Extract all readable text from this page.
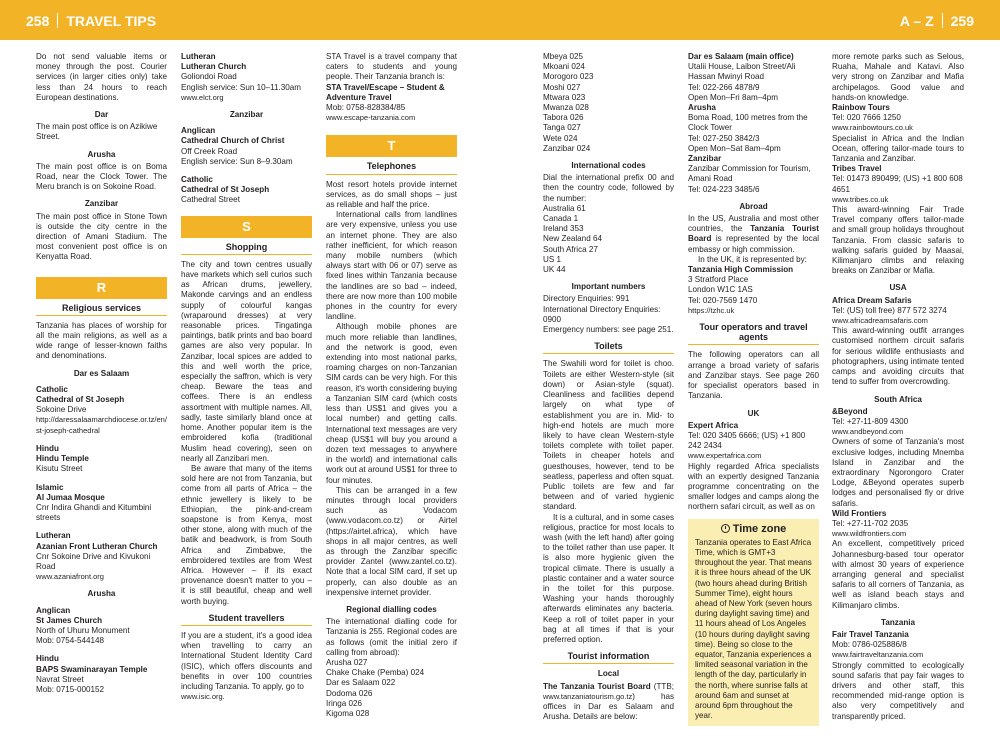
258 TRAVEL TIPS	A – Z 259

Do not send valuable items or money through the post. Courier services (in larger cities only) take less than 24 hours to reach European destinations.

Dar

The main post office is on Azikiwe Street.

Arusha

The main post office is on Boma Road, near the Clock Tower. The Meru branch is on Sokoine Road.

Zanzibar

The main post office in Stone Town is outside the city centre in the direction of Amani Stadium. The most convenient post office is on Kenyatta Road.

R

Religious services

Tanzania has places of worship for all the main religions, as well as a wide range of lesser-known faiths and denominations.

Dar es Salaam

Catholic

Cathedral of St Joseph

Sokoine Drive

http://daressalaamarchdiocese.or.tz/en/

st-joseph-cathedral

Hindu

Hindu Temple

Kisutu Street

Islamic

Al Jumaa Mosque

Cnr Indira Ghandi and Kitumbini streets

Lutheran

Azanian Front Lutheran Church

Cnr Sokoine Drive and Kivukoni Road

www.azaniafront.org

Arusha

Anglican

St James Church

North of Uhuru Monument

Mob: 0754-544148

Hindu

BAPS Swaminarayan Temple

Navrat Street

Mob: 0715-000152

Lutheran

Lutheran Church

Goliondoi Road

English service: Sun 10–11.30am

www.elct.org

Zanzibar

Anglican

Cathedral Church of Christ

Off Creek Road

English service: Sun 8–9.30am

Catholic

Cathedral of St Joseph

Cathedral Street

S

Shopping

The city and town centres usually have markets which sell curios such as African drums, jewellery, Makonde carvings and an endless supply of colourful kangas (wraparound dresses) at very reasonable prices. Tingatinga paintings, batik prints and bao board games are also very popular. In Zanzibar, local spices are added to this and well worth the price, especially the saffron, which is very cheap. Beware the teas and coffees. There is an endless assortment with multiple names. All, sadly, taste similarly bland once at home. Another popular item is the embroidered kofia (traditional Muslim head covering), seen on nearly all Zanzibari men.

Be aware that many of the items sold here are not from Tanzania, but come from all parts of Africa – the ethnic jewellery is likely to be Ethiopian, the pink-and-cream soapstone is from Kenya, most other stone, along with much of the batik and beadwork, is from South Africa and Zimbabwe, the embroidered textiles are from West Africa. However – if its exact provenance doesn't matter to you – it is still beautiful, cheap and well worth buying.

Student travellers

If you are a student, it's a good idea when travelling to carry an International Student Identity Card (ISIC), which offers discounts and benefits in over 100 countries including Tanzania. To apply, go to

www.isic.org.

STA Travel is a travel company that caters to students and young people. Their Tanzania branch is:

STA Travel/Escape – Student & Adventure Travel

Mob: 0758-828384/85

www.escape-tanzania.com

T

Telephones

Most resort hotels provide internet services, as do small shops – just as reliable and half the price.

International calls from landlines are very expensive, unless you use an internet phone. They are also rather inefficient, for which reason many mobile numbers (which always start with 06 or 07) serve as fixed lines within Tanzania because the landlines are so bad – indeed, there are now more than 100 mobile phones in the country for every landline.

Although mobile phones are much more reliable than landlines, and the network is good, even extending into most national parks, roaming charges on non-Tanzanian SIM cards can be very high. For this reason, it's worth considering buying a Tanzanian SIM card (which costs less than US$1 and gives you a local number) and getting calls. International text messages are very cheap (US$1 will buy you around a dozen text messages to anywhere in the world) and international calls work out at around US$1 for three to four minutes.

This can be arranged in a few minutes through local providers such as Vodacom (www.vodacom.co.tz) or Airtel (https://airtel.africa), which have shops in all major centres, as well as through the Zanzibar specific provider Zantel (www.zantel.co.tz). Note that a local SIM card, if set up properly, can also double as an inexpensive internet provider.

Regional dialling codes

The international dialling code for Tanzania is 255. Regional codes are as follows (omit the initial zero if calling from abroad):

Arusha 027

Chake Chake (Pemba) 024

Dar es Salaam 022

Dodoma 026

Iringa 026

Kigoma 028

Mbeya 025

Mkoani 024

Morogoro 023

Moshi 027

Mtwara 023

Mwanza 028

Tabora 026

Tanga 027

Wete 024

Zanzibar 024

International codes

Dial the international prefix 00 and then the country code, followed by the number:

Australia 61

Canada 1

Ireland 353

New Zealand 64

South Africa 27

US 1

UK 44

Important numbers

Directory Enquiries: 991

International Directory Enquiries: 0900

Emergency numbers: see page 251.

Toilets

The Swahili word for toilet is choo. Toilets are either Western-style (sit down) or Asian-style (squat). Cleanliness and facilities depend largely on what type of establishment you are in. Mid- to high-end hotels are much more likely to have clean Western-style toilets complete with toilet paper. Toilets in cheaper hotels and guesthouses, however, tend to be seatless, paperless and often squat. Public toilets are few and far between and of varied hygienic standard.

It is a cultural, and in some cases religious, practice for most locals to wash (with the left hand) after going to the toilet rather than use paper. It is also more hygienic given the tropical climate. There is usually a plastic container and a water source in the toilet for this purpose. Washing your hands thoroughly afterwards eliminates any bacteria. Keep a roll of toilet paper in your bag at all times if that is your preferred option.

Tourist information

Local

The Tanzania Tourist Board (TTB; www.tanzaniatourism.go.tz) has offices in Dar es Salaam and Arusha. Details are below:

Dar es Salaam (main office)

Utalii House, Laibon Street/Ali Hassan Mwinyi Road

Tel: 022-266 4878/9

Open Mon–Fri 8am–4pm

Arusha

Boma Road, 100 metres from the Clock Tower

Tel: 027-250 3842/3

Open Mon–Sat 8am–4pm

Zanzibar

Zanzibar Commission for Tourism, Amani Road

Tel: 024-223 3485/6

Abroad

In the US, Australia and most other countries, the Tanzania Tourist Board is represented by the local embassy or high commission.

In the UK, it is represented by:

Tanzania High Commission

3 Stratford Place

London W1C 1AS

Tel: 020-7569 1470

https://tzhc.uk

Tour operators and travel agents

The following operators can all arrange a broad variety of safaris and Zanzibar stays. See page 260 for specialist operators based in Tanzania.

UK

Expert Africa

Tel: 020 3405 6666; (US) +1 800 242 2434

www.expertafrica.com

Highly regarded Africa specialists with an expertly designed Tanzania programme concentrating on the smaller lodges and camps along the northern safari circuit, as well as on

Time zone

Tanzania operates to East Africa Time, which is GMT+3 throughout the year. That means it is three hours ahead of the UK (two hours ahead during British Summer Time), eight hours ahead of New York (seven hours during daylight saving time) and 11 hours ahead of Los Angeles (10 hours during daylight saving time). Being so close to the equator, Tanzania experiences a limited seasonal variation in the length of the day, particularly in the north, where sunrise falls at around 6am and sunset at around 6pm throughout the year.

more remote parks such as Selous, Ruaha, Mahale and Katavi. Also very strong on Zanzibar and Mafia archipelagos. Good value and hands-on knowledge.

Rainbow Tours

Tel: 020 7666 1250

www.rainbowtours.co.uk

Specialist in Africa and the Indian Ocean, offering tailor-made tours to Tanzania and Zanzibar.

Tribes Travel

Tel: 01473 890499; (US) +1 800 608 4651

www.tribes.co.uk

This award-winning Fair Trade Travel company offers tailor-made and small group holidays throughout Tanzania. From classic safaris to walking safaris guided by Maasai, Kilimanjaro climbs and relaxing breaks on Zanzibar or Mafia.

USA

Africa Dream Safaris

Tel: (US) toll free) 877 572 3274

www.africadreamsafaris.com

This award-winning outfit arranges customised northern circuit safaris for serious wildlife enthusiasts and photographers, using intimate tented camps and avoiding circuits that tend to suffer from overcrowding.

South Africa

&Beyond

Tel: +27-11-809 4300

www.andbeyond.com

Owners of some of Tanzania's most exclusive lodges, including Mnemba Island in Zanzibar and the extraordinary Ngorongoro Crater Lodge, &Beyond operates superb lodges and personalised fly or drive safaris.

Wild Frontiers

Tel: +27-11-702 2035

www.wildfrontiers.com

An excellent, competitively priced Johannesburg-based tour operator with almost 30 years of experience arranging general and specialist safaris to all corners of Tanzania, as well as island beach stays and Kilimanjaro climbs.

Tanzania

Fair Travel Tanzania

Mob: 0786-025886/8

www.fairtraveltanzania.com

Strongly committed to ecologically sound safaris that pay fair wages to drivers and other staff, this recommended mid-range option is also very competitively and transparently priced.
